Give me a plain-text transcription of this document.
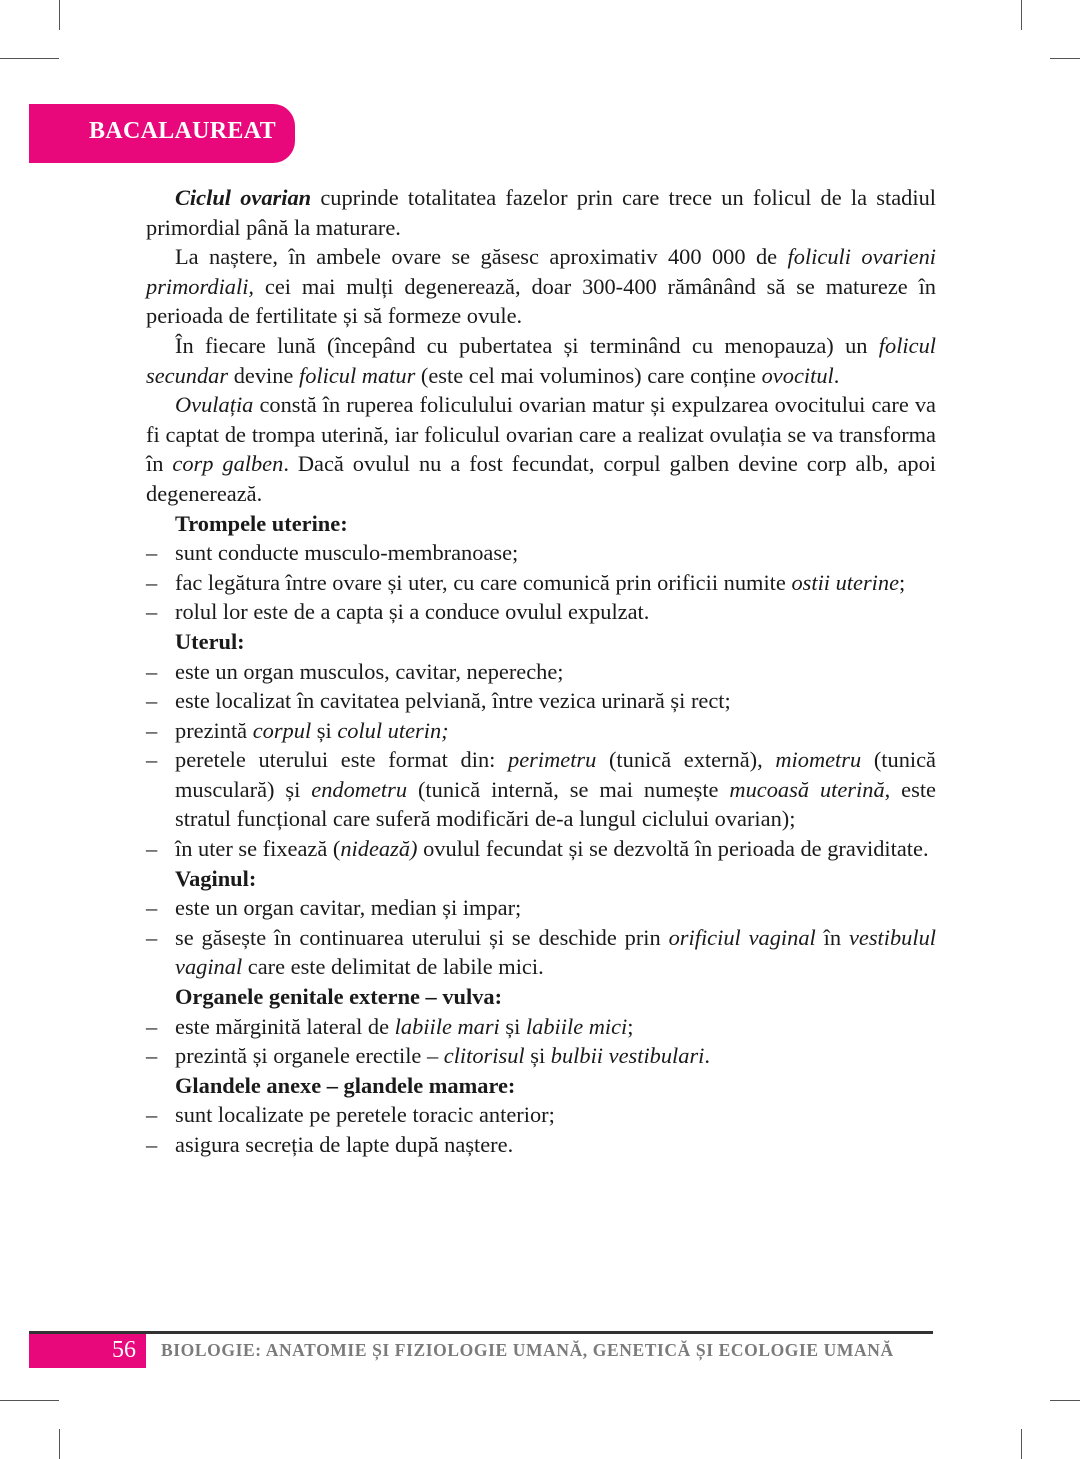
BACALAUREAT

Ciclul ovarian cuprinde totalitatea fazelor prin care trece un folicul de la stadiul primordial până la maturare.

La naștere, în ambele ovare se găsesc aproximativ 400 000 de foliculi ovarieni primordiali, cei mai mulți degenerează, doar 300-400 rămânând să se matureze în perioada de fertilitate și să formeze ovule.

În fiecare lună (începând cu pubertatea și terminând cu menopauza) un folicul secundar devine folicul matur (este cel mai voluminos) care conține ovocitul.

Ovulația constă în ruperea foliculului ovarian matur și expulzarea ovocitului care va fi captat de trompa uterină, iar foliculul ovarian care a realizat ovulația se va transforma în corp galben. Dacă ovulul nu a fost fecundat, corpul galben devine corp alb, apoi degenerează.

Trompele uterine:
– sunt conducte musculo-membranoase;
– fac legătura între ovare și uter, cu care comunică prin orificii numite ostii uterine;
– rolul lor este de a capta și a conduce ovulul expulzat.
Uterul:
– este un organ musculos, cavitar, nepereche;
– este localizat în cavitatea pelviană, între vezica urinară și rect;
– prezintă corpul și colul uterin;
– peretele uterului este format din: perimetru (tunică externă), miometru (tunică musculară) și endometru (tunică internă, se mai numește mucoasă uterină, este stratul funcțional care suferă modificări de-a lungul ciclului ovarian);
– în uter se fixează (nidează) ovulul fecundat și se dezvoltă în perioada de graviditate.
Vaginul:
– este un organ cavitar, median și impar;
– se găsește în continuarea uterului și se deschide prin orificiul vaginal în vestibulul vaginal care este delimitat de labile mici.
Organele genitale externe – vulva:
– este mărginită lateral de labiile mari și labiile mici;
– prezintă și organele erectile – clitorisul și bulbii vestibulari.
Glandele anexe – glandele mamare:
– sunt localizate pe peretele toracic anterior;
– asigura secreția de lapte după naștere.
56 BIOLOGIE: ANATOMIE ȘI FIZIOLOGIE UMANĂ, GENETICĂ ȘI ECOLOGIE UMANĂ
